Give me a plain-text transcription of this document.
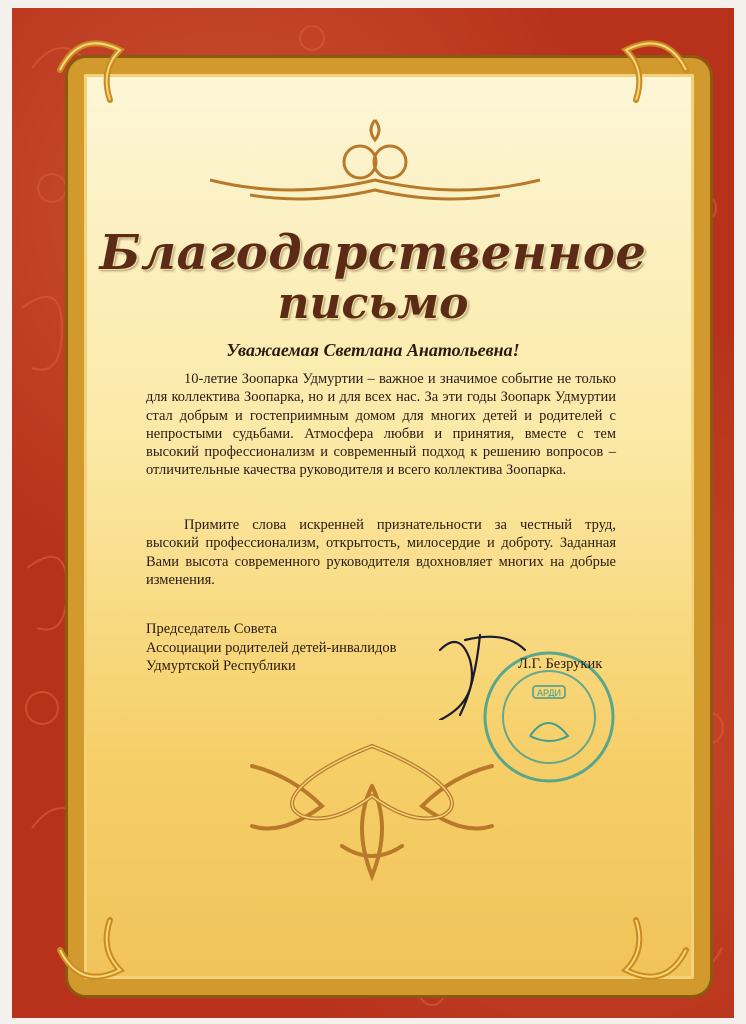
Благодарственное
письмо
Уважаемая Светлана Анатольевна!
10-летие Зоопарка Удмуртии – важное и значимое событие не только для коллектива Зоопарка, но и для всех нас. За эти годы Зоопарк Удмуртии стал добрым и гостеприимным домом для многих детей и родителей с непростыми судьбами. Атмосфера любви и принятия, вместе с тем высокий профессионализм и современный подход к решению вопросов – отличительные качества руководителя и всего коллектива Зоопарка.
Примите слова искренней признательности за честный труд, высокий профессионализм, открытость, милосердие и доброту. Заданная Вами высота современного руководителя вдохновляет многих на добрые изменения.
Председатель Совета
Ассоциации родителей детей-инвалидов
Удмуртской Республики
АРДИ
Л.Г. Безрукик
